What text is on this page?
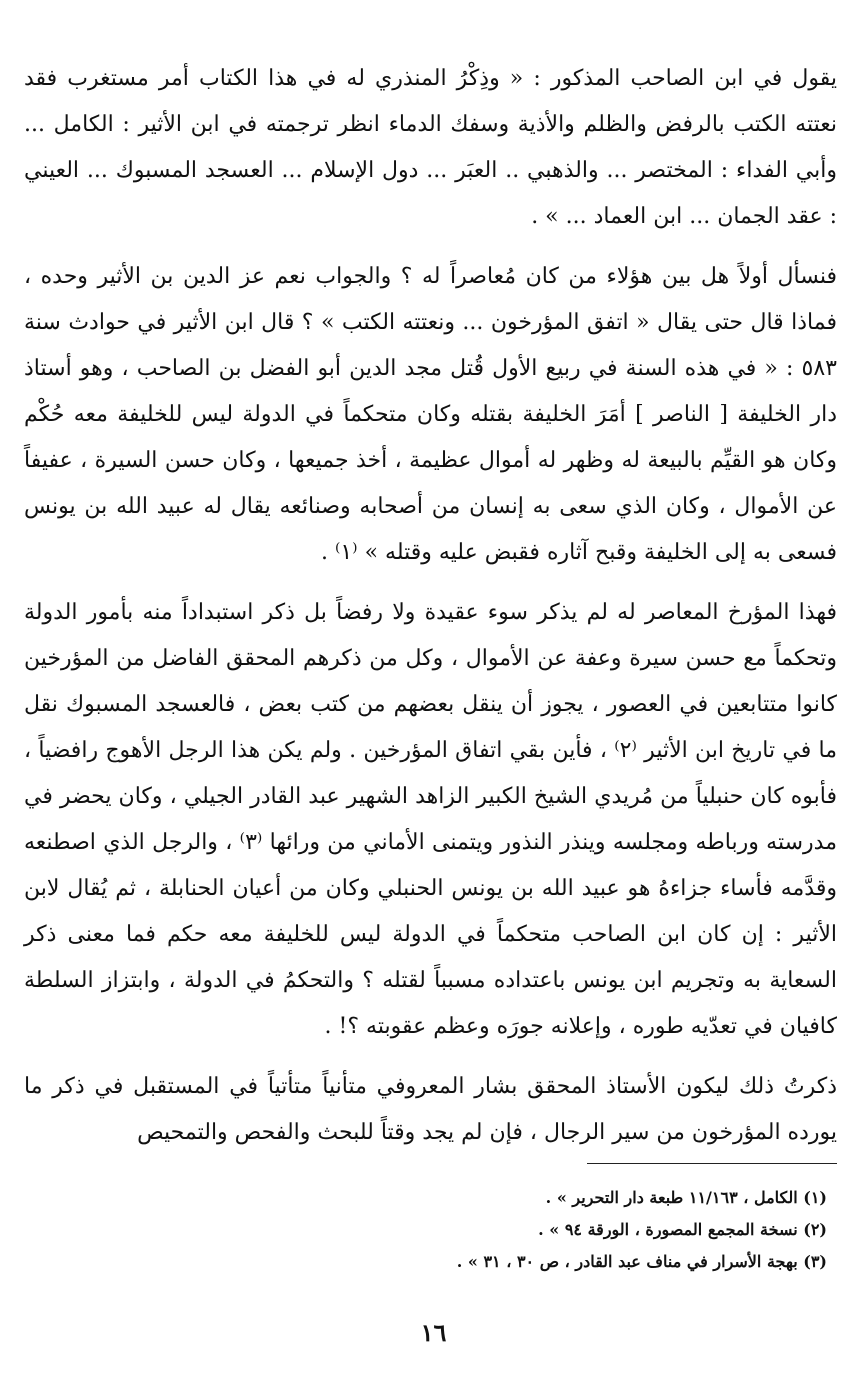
يقول في ابن الصاحب المذكور : « وذِكْرُ المنذري له في هذا الكتاب أمر مستغرب فقد نعتته الكتب بالرفض والظلم والأذية وسفك الدماء انظر ترجمته في ابن الأثير : الكامل ... وأبي الفداء : المختصر ... والذهبي .. العبَر ... دول الإسلام ... العسجد المسبوك ... العيني : عقد الجمان ... ابن العماد ... » .

فنسأل أولاً هل بين هؤلاء من كان مُعاصراً له ؟ والجواب نعم عز الدين بن الأثير وحده ، فماذا قال حتى يقال « اتفق المؤرخون ... ونعتته الكتب » ؟ قال ابن الأثير في حوادث سنة ٥٨٣ : « في هذه السنة في ربيع الأول قُتل مجد الدين أبو الفضل بن الصاحب ، وهو أستاذ دار الخليفة [ الناصر ] أمَرَ الخليفة بقتله وكان متحكماً في الدولة ليس للخليفة معه حُكْم وكان هو القيِّم بالبيعة له وظهر له أموال عظيمة ، أخذ جميعها ، وكان حسن السيرة ، عفيفاً عن الأموال ، وكان الذي سعى به إنسان من أصحابه وصنائعه يقال له عبيد الله بن يونس فسعى به إلى الخليفة وقبح آثاره فقبض عليه وقتله » ⁽١⁾ .

فهذا المؤرخ المعاصر له لم يذكر سوء عقيدة ولا رفضاً بل ذكر استبداداً منه بأمور الدولة وتحكماً مع حسن سيرة وعفة عن الأموال ، وكل من ذكرهم المحقق الفاضل من المؤرخين كانوا متتابعين في العصور ، يجوز أن ينقل بعضهم من كتب بعض ، فالعسجد المسبوك نقل ما في تاريخ ابن الأثير ⁽٢⁾ ، فأين بقي اتفاق المؤرخين . ولم يكن هذا الرجل الأهوج رافضياً ، فأبوه كان حنبلياً من مُريدي الشيخ الكبير الزاهد الشهير عبد القادر الجيلي ، وكان يحضر في مدرسته ورباطه ومجلسه وينذر النذور ويتمنى الأماني من ورائها ⁽٣⁾ ، والرجل الذي اصطنعه وقدَّمه فأساء جزاءهُ هو عبيد الله بن يونس الحنبلي وكان من أعيان الحنابلة ، ثم يُقال لابن الأثير : إن كان ابن الصاحب متحكماً في الدولة ليس للخليفة معه حكم فما معنى ذكر السعاية به وتجريم ابن يونس باعتداده مسبباً لقتله ؟ والتحكمُ في الدولة ، وابتزاز السلطة كافيان في تعدّيه طوره ، وإعلانه جورَه وعظم عقوبته ؟! .

ذكرتُ ذلك ليكون الأستاذ المحقق بشار المعروفي متأنياً متأتياً في المستقبل في ذكر ما يورده المؤرخون من سير الرجال ، فإن لم يجد وقتاً للبحث والفحص والتمحيص

(١) الكامل ، ١١/١٦٣ طبعة دار التحرير » .

(٢) نسخة المجمع المصورة ، الورقة ٩٤ » .

(٣) بهجة الأسرار في مناف عبد القادر ، ص ٣٠ ، ٣١ » .

١٦
